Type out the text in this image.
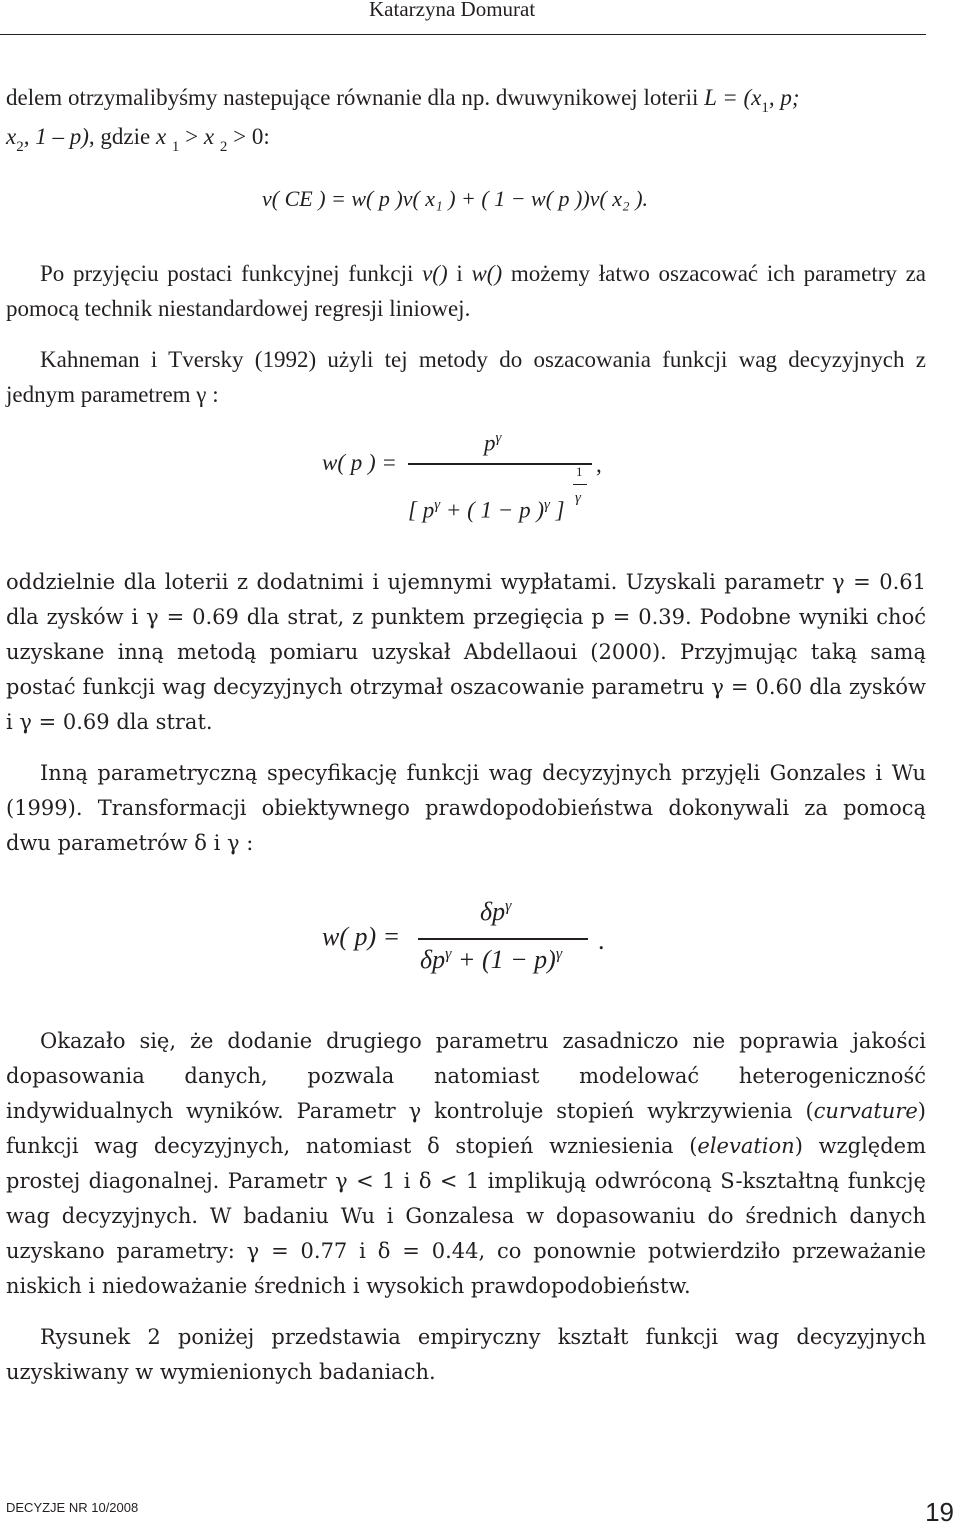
Katarzyna Domurat
delem otrzymalibyśmy nastepujące równanie dla np. dwuwynikowej loterii $L = (x_1$, p;
$x_2$, 1 – p), gdzie x $_1$ > x $_2$ > 0:
v( CE ) = w( p )v( x₁ ) + ( 1 − w( p ))v( x₂ ).
Po przyjęciu postaci funkcyjnej funkcji v() i w() możemy łatwo oszacować ich parametry za pomocą technik niestandardowej regresji liniowej.
Kahneman i Tversky (1992) użyli tej metody do oszacowania funkcji wag decyzyjnych z jednym parametrem γ :
w( p ) =
$p^\gamma$
[ $p^\gamma$ + ( 1 − p )$^\gamma$ ]
1
γ
,
oddzielnie dla loterii z dodatnimi i ujemnymi wypłatami. Uzyskali parametr γ = 0.61 dla zysków i γ = 0.69 dla strat, z punktem przegięcia p = 0.39. Podobne wyniki choć uzyskane inną metodą pomiaru uzyskał Abdellaoui (2000). Przyjmując taką samą postać funkcji wag decyzyjnych otrzymał oszacowanie parametru γ = 0.60 dla zysków i γ = 0.69 dla strat.
Inną parametryczną specyfikację funkcji wag decyzyjnych przyjęli Gonzales i Wu (1999). Transformacji obiektywnego prawdopodobieństwa dokonywali za pomocą dwu parametrów δ i γ :
w( p) =
$\delta p^\gamma$
$\delta p^\gamma + (1 - p)^\gamma$ .
Okazało się, że dodanie drugiego parametru zasadniczo nie poprawia jakości dopasowania danych, pozwala natomiast modelować heterogeniczność indywidualnych wyników. Parametr γ kontroluje stopień wykrzywienia (curvature) funkcji wag decyzyjnych, natomiast δ stopień wzniesienia (elevation) względem prostej diagonalnej. Parametr γ < 1 i δ < 1 implikują odwróconą S-kształtną funkcję wag decyzyjnych. W badaniu Wu i Gonzalesa w dopasowaniu do średnich danych uzyskano parametry: γ = 0.77 i δ = 0.44, co ponownie potwierdziło przeważanie niskich i niedoważanie średnich i wysokich prawdopodobieństw.
Rysunek 2 poniżej przedstawia empiryczny kształt funkcji wag decyzyjnych uzyskiwany w wymienionych badaniach.
DECYZJE NR 10/2008	19
